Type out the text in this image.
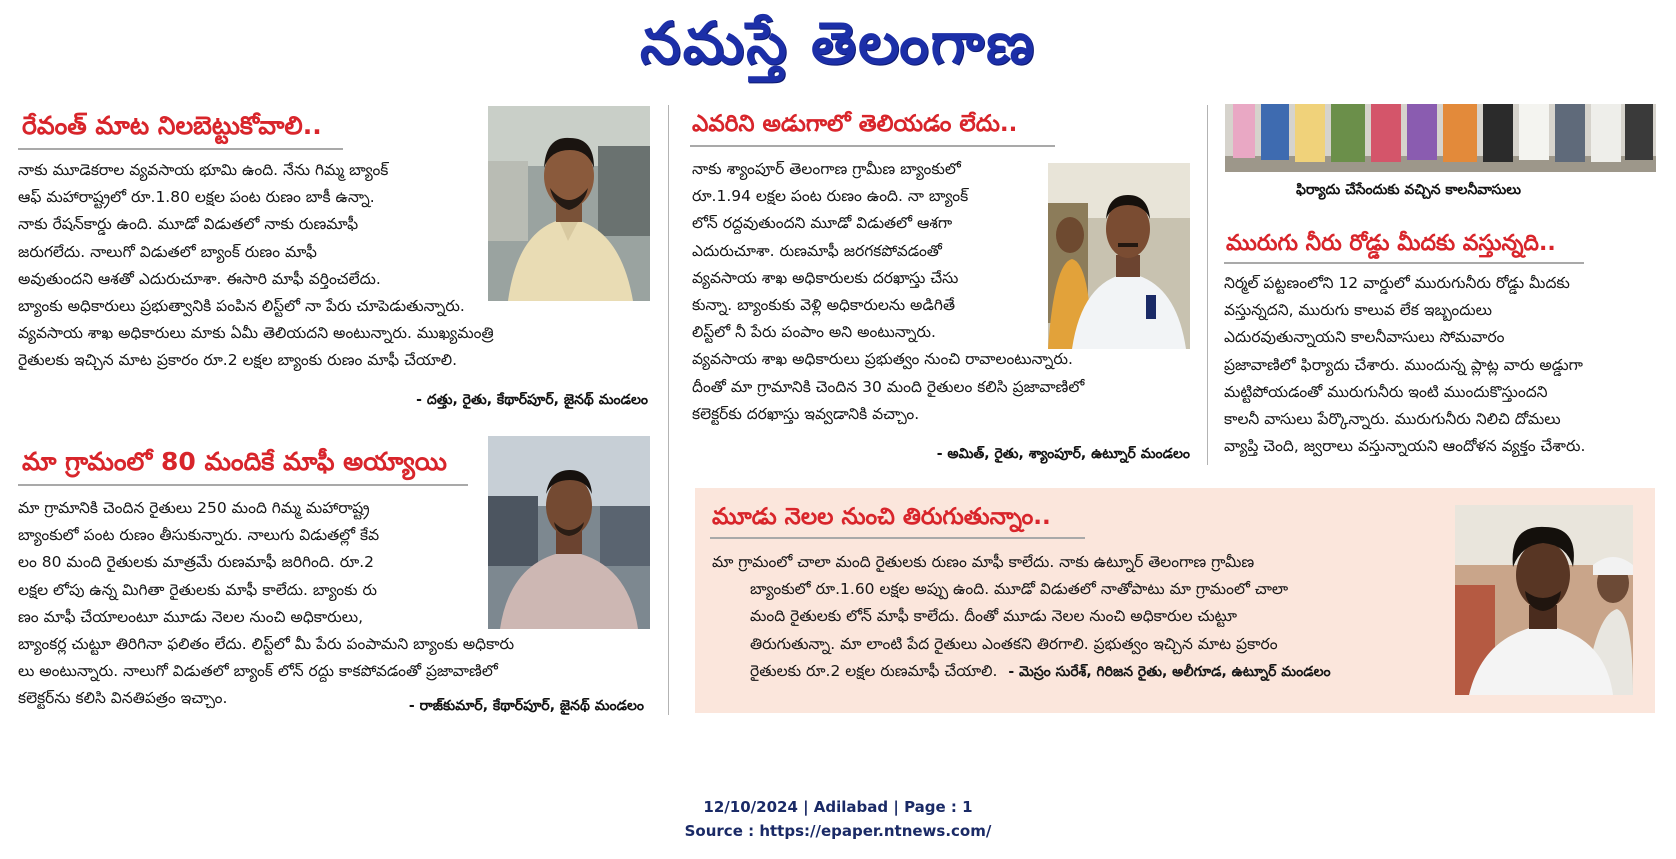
నమస్తే తెలంగాణ
రేవంత్ మాట నిలబెట్టుకోవాలి..
నాకు మూడెకరాల వ్యవసాయ భూమి ఉంది. నేను గిమ్మ బ్యాంక్
ఆఫ్ మహారాష్ట్రలో రూ.1.80 లక్షల పంట రుణం బాకీ ఉన్నా.
నాకు రేషన్‌కార్డు ఉంది. మూడో విడుతలో నాకు రుణమాఫీ
జరుగలేదు. నాలుగో విడుతలో బ్యాంక్ రుణం మాఫీ
అవుతుందని ఆశతో ఎదురుచూశా. ఈసారి మాఫీ వర్తించలేదు.
బ్యాంకు అధికారులు ప్రభుత్వానికి పంపిన లిస్ట్‌లో నా పేరు చూపెడుతున్నారు.
వ్యవసాయ శాఖ అధికారులు మాకు ఏమీ తెలియదని అంటున్నారు. ముఖ్యమంత్రి
రైతులకు ఇచ్చిన మాట ప్రకారం రూ.2 లక్షల బ్యాంకు రుణం మాఫీ చేయాలి.
- దత్తు, రైతు, కేథార్‌పూర్, జైనథ్ మండలం
మా గ్రామంలో 80 మందికే మాఫీ అయ్యాయి
మా గ్రామానికి చెందిన రైతులు 250 మంది గిమ్మ మహారాష్ట్ర
బ్యాంకులో పంట రుణం తీసుకున్నారు. నాలుగు విడుతల్లో కేవ
లం 80 మంది రైతులకు మాత్రమే రుణమాఫీ జరిగింది. రూ.2
లక్షల లోపు ఉన్న మిగితా రైతులకు మాఫీ కాలేదు. బ్యాంకు రు
ణం మాఫీ చేయాలంటూ మూడు నెలల నుంచి అధికారులు,
బ్యాంకర్ల చుట్టూ తిరిగినా ఫలితం లేదు. లిస్ట్‌లో మీ పేరు పంపామని బ్యాంకు అధికారు
లు అంటున్నారు. నాలుగో విడుతలో బ్యాంక్ లోన్ రద్దు కాకపోవడంతో ప్రజావాణిలో
కలెక్టర్‌ను కలిసి వినతిపత్రం ఇచ్చాం.	- రాజ్‌కుమార్, కేథార్‌పూర్, జైనథ్ మండలం
ఎవరిని అడుగాలో తెలియడం లేదు..
నాకు శ్యాంపూర్ తెలంగాణ గ్రామీణ బ్యాంకులో
రూ.1.94 లక్షల పంట రుణం ఉంది. నా బ్యాంక్
లోన్ రద్దవుతుందని మూడో విడుతలో ఆశగా
ఎదురుచూశా. రుణమాఫీ జరగకపోవడంతో
వ్యవసాయ శాఖ అధికారులకు దరఖాస్తు చేసు
కున్నా. బ్యాంకుకు వెళ్లి అధికారులను అడిగితే
లిస్ట్‌లో నీ పేరు పంపాం అని అంటున్నారు.
వ్యవసాయ శాఖ అధికారులు ప్రభుత్వం నుంచి రావాలంటున్నారు.
దీంతో మా గ్రామానికి చెందిన 30 మంది రైతులం కలిసి ప్రజావాణిలో
కలెక్టర్‌కు దరఖాస్తు ఇవ్వడానికి వచ్చాం.
- అమిత్, రైతు, శ్యాంపూర్, ఉట్నూర్ మండలం
ఫిర్యాదు చేసేందుకు వచ్చిన కాలనీవాసులు
మురుగు నీరు రోడ్డు మీదకు వస్తున్నది..
నిర్మల్ పట్టణంలోని 12 వార్డులో మురుగునీరు రోడ్డు మీదకు
వస్తున్నదని, మురుగు కాలువ లేక ఇబ్బందులు
ఎదురవుతున్నాయని కాలనీవాసులు సోమవారం
ప్రజావాణిలో ఫిర్యాదు చేశారు. ముందున్న ప్లాట్ల వారు అడ్డుగా
మట్టిపోయడంతో మురుగునీరు ఇంటి ముందుకొస్తుందని
కాలనీ వాసులు పేర్కొన్నారు. మురుగునీరు నిలిచి దోమలు
వ్యాప్తి చెంది, జ్వరాలు వస్తున్నాయని ఆందోళన వ్యక్తం చేశారు.
మూడు నెలల నుంచి తిరుగుతున్నాం..
మా గ్రామంలో చాలా మంది రైతులకు రుణం మాఫీ కాలేదు. నాకు ఉట్నూర్ తెలంగాణ గ్రామీణ
బ్యాంకులో రూ.1.60 లక్షల అప్పు ఉంది. మూడో విడుతలో నాతోపాటు మా గ్రామంలో చాలా
మంది రైతులకు లోన్ మాఫీ కాలేదు. దీంతో మూడు నెలల నుంచి అధికారుల చుట్టూ
తిరుగుతున్నా. మా లాంటి పేద రైతులు ఎంతకని తిరగాలి. ప్రభుత్వం ఇచ్చిన మాట ప్రకారం
రైతులకు రూ.2 లక్షల రుణమాఫీ చేయాలి. - మెస్రం సురేశ్, గిరిజన రైతు, అలీగూడ, ఉట్నూర్ మండలం
12/10/2024 | Adilabad | Page : 1
Source : https://epaper.ntnews.com/
